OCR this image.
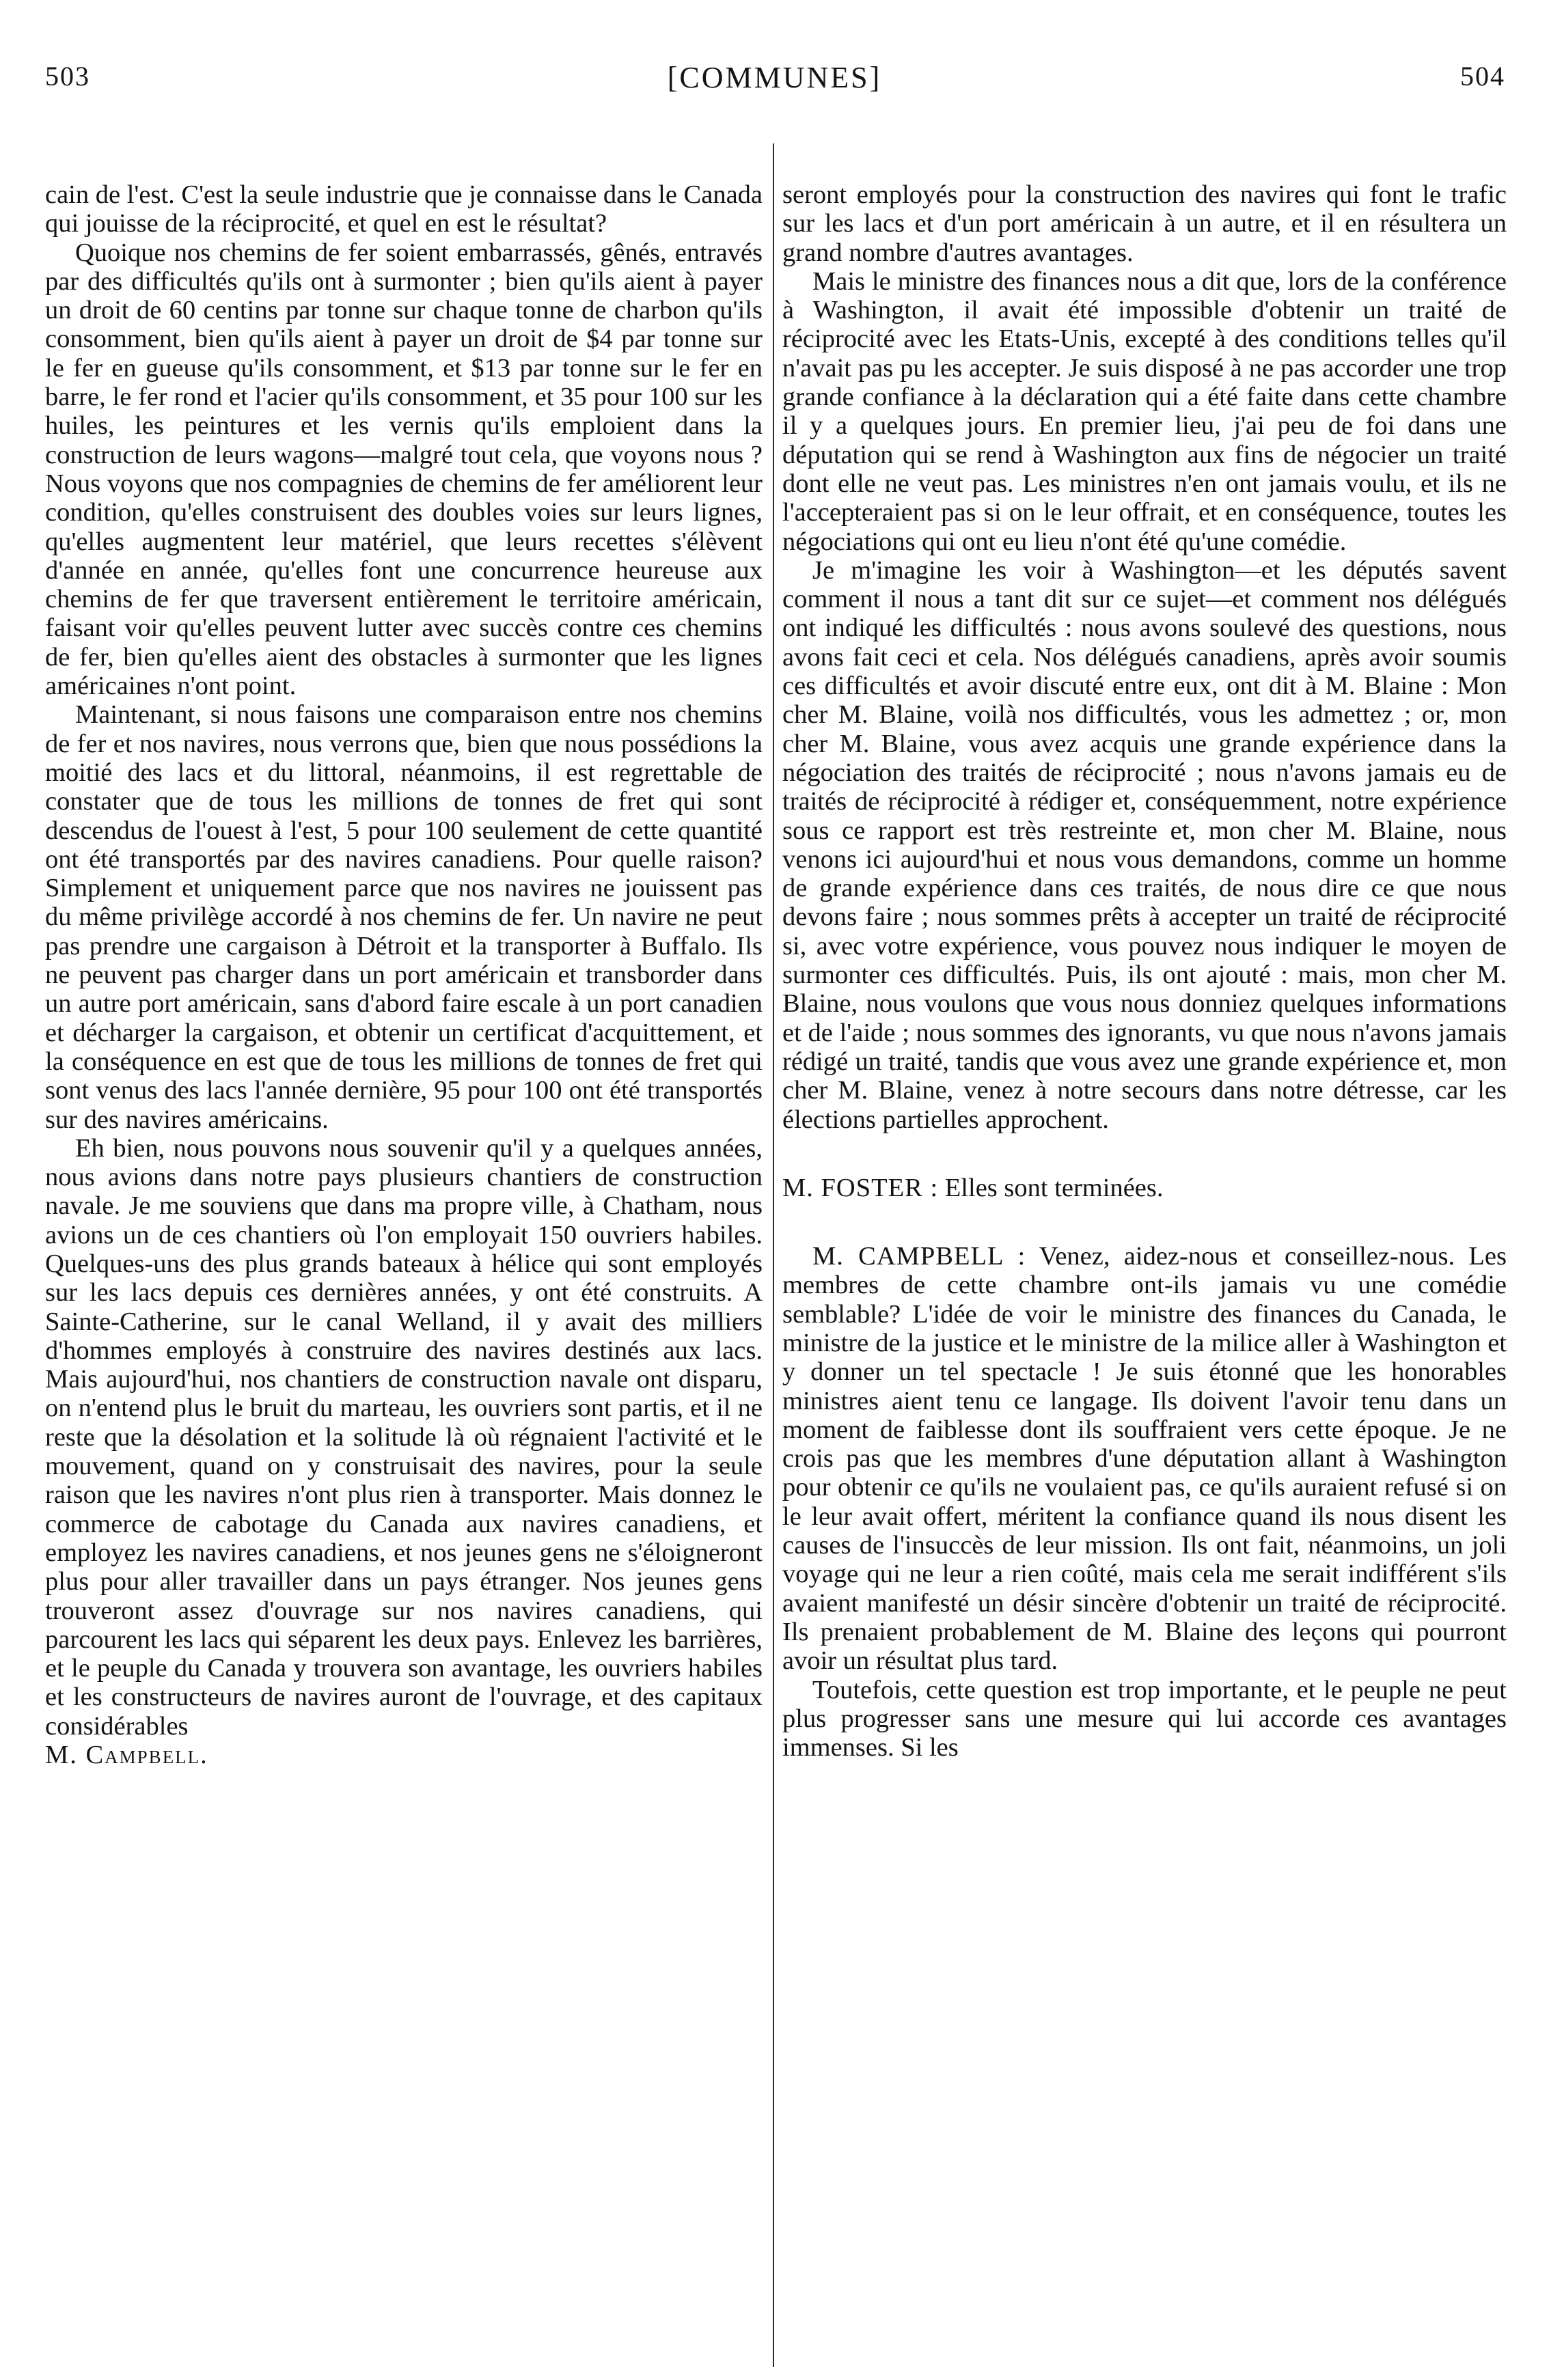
503	[COMMUNES]	504

cain de l'est. C'est la seule industrie que je connaisse dans le Canada qui jouisse de la réciprocité, et quel en est le résultat?

Quoique nos chemins de fer soient embarrassés, gênés, entravés par des difficultés qu'ils ont à surmonter ; bien qu'ils aient à payer un droit de 60 centins par tonne sur chaque tonne de charbon qu'ils consomment, bien qu'ils aient à payer un droit de $4 par tonne sur le fer en gueuse qu'ils consomment, et $13 par tonne sur le fer en barre, le fer rond et l'acier qu'ils consomment, et 35 pour 100 sur les huiles, les peintures et les vernis qu'ils emploient dans la construction de leurs wagons—malgré tout cela, que voyons nous ? Nous voyons que nos compagnies de chemins de fer améliorent leur condition, qu'elles construisent des doubles voies sur leurs lignes, qu'elles augmentent leur matériel, que leurs recettes s'élèvent d'année en année, qu'elles font une concurrence heureuse aux chemins de fer que traversent entièrement le territoire américain, faisant voir qu'elles peuvent lutter avec succès contre ces chemins de fer, bien qu'elles aient des obstacles à surmonter que les lignes américaines n'ont point.

Maintenant, si nous faisons une comparaison entre nos chemins de fer et nos navires, nous verrons que, bien que nous possédions la moitié des lacs et du littoral, néanmoins, il est regrettable de constater que de tous les millions de tonnes de fret qui sont descendus de l'ouest à l'est, 5 pour 100 seulement de cette quantité ont été transportés par des navires canadiens. Pour quelle raison? Simplement et uniquement parce que nos navires ne jouissent pas du même privilège accordé à nos chemins de fer. Un navire ne peut pas prendre une cargaison à Détroit et la transporter à Buffalo. Ils ne peuvent pas charger dans un port américain et transborder dans un autre port américain, sans d'abord faire escale à un port canadien et décharger la cargaison, et obtenir un certificat d'acquittement, et la conséquence en est que de tous les millions de tonnes de fret qui sont venus des lacs l'année dernière, 95 pour 100 ont été transportés sur des navires américains.

Eh bien, nous pouvons nous souvenir qu'il y a quelques années, nous avions dans notre pays plusieurs chantiers de construction navale. Je me souviens que dans ma propre ville, à Chatham, nous avions un de ces chantiers où l'on employait 150 ouvriers habiles. Quelques-uns des plus grands bateaux à hélice qui sont employés sur les lacs depuis ces dernières années, y ont été construits. A Sainte-Catherine, sur le canal Welland, il y avait des milliers d'hommes employés à construire des navires destinés aux lacs. Mais aujourd'hui, nos chantiers de construction navale ont disparu, on n'entend plus le bruit du marteau, les ouvriers sont partis, et il ne reste que la désolation et la solitude là où régnaient l'activité et le mouvement, quand on y construisait des navires, pour la seule raison que les navires n'ont plus rien à transporter. Mais donnez le commerce de cabotage du Canada aux navires canadiens, et employez les navires canadiens, et nos jeunes gens ne s'éloigneront plus pour aller travailler dans un pays étranger. Nos jeunes gens trouveront assez d'ouvrage sur nos navires canadiens, qui parcourent les lacs qui séparent les deux pays. Enlevez les barrières, et le peuple du Canada y trouvera son avantage, les ouvriers habiles et les constructeurs de navires auront de l'ouvrage, et des capitaux considérables

M. Campbell.

seront employés pour la construction des navires qui font le trafic sur les lacs et d'un port américain à un autre, et il en résultera un grand nombre d'autres avantages.

Mais le ministre des finances nous a dit que, lors de la conférence à Washington, il avait été impossible d'obtenir un traité de réciprocité avec les Etats-Unis, excepté à des conditions telles qu'il n'avait pas pu les accepter. Je suis disposé à ne pas accorder une trop grande confiance à la déclaration qui a été faite dans cette chambre il y a quelques jours. En premier lieu, j'ai peu de foi dans une députation qui se rend à Washington aux fins de négocier un traité dont elle ne veut pas. Les ministres n'en ont jamais voulu, et ils ne l'accepteraient pas si on le leur offrait, et en conséquence, toutes les négociations qui ont eu lieu n'ont été qu'une comédie.

Je m'imagine les voir à Washington—et les députés savent comment il nous a tant dit sur ce sujet—et comment nos délégués ont indiqué les difficultés : nous avons soulevé des questions, nous avons fait ceci et cela. Nos délégués canadiens, après avoir soumis ces difficultés et avoir discuté entre eux, ont dit à M. Blaine : Mon cher M. Blaine, voilà nos difficultés, vous les admettez ; or, mon cher M. Blaine, vous avez acquis une grande expérience dans la négociation des traités de réciprocité ; nous n'avons jamais eu de traités de réciprocité à rédiger et, conséquemment, notre expérience sous ce rapport est très restreinte et, mon cher M. Blaine, nous venons ici aujourd'hui et nous vous demandons, comme un homme de grande expérience dans ces traités, de nous dire ce que nous devons faire ; nous sommes prêts à accepter un traité de réciprocité si, avec votre expérience, vous pouvez nous indiquer le moyen de surmonter ces difficultés. Puis, ils ont ajouté : mais, mon cher M. Blaine, nous voulons que vous nous donniez quelques informations et de l'aide ; nous sommes des ignorants, vu que nous n'avons jamais rédigé un traité, tandis que vous avez une grande expérience et, mon cher M. Blaine, venez à notre secours dans notre détresse, car les élections partielles approchent.

M. FOSTER : Elles sont terminées.

M. CAMPBELL : Venez, aidez-nous et conseillez-nous. Les membres de cette chambre ont-ils jamais vu une comédie semblable? L'idée de voir le ministre des finances du Canada, le ministre de la justice et le ministre de la milice aller à Washington et y donner un tel spectacle ! Je suis étonné que les honorables ministres aient tenu ce langage. Ils doivent l'avoir tenu dans un moment de faiblesse dont ils souffraient vers cette époque. Je ne crois pas que les membres d'une députation allant à Washington pour obtenir ce qu'ils ne voulaient pas, ce qu'ils auraient refusé si on le leur avait offert, méritent la confiance quand ils nous disent les causes de l'insuccès de leur mission. Ils ont fait, néanmoins, un joli voyage qui ne leur a rien coûté, mais cela me serait indifférent s'ils avaient manifesté un désir sincère d'obtenir un traité de réciprocité. Ils prenaient probablement de M. Blaine des leçons qui pourront avoir un résultat plus tard.

Toutefois, cette question est trop importante, et le peuple ne peut plus progresser sans une mesure qui lui accorde ces avantages immenses. Si les
